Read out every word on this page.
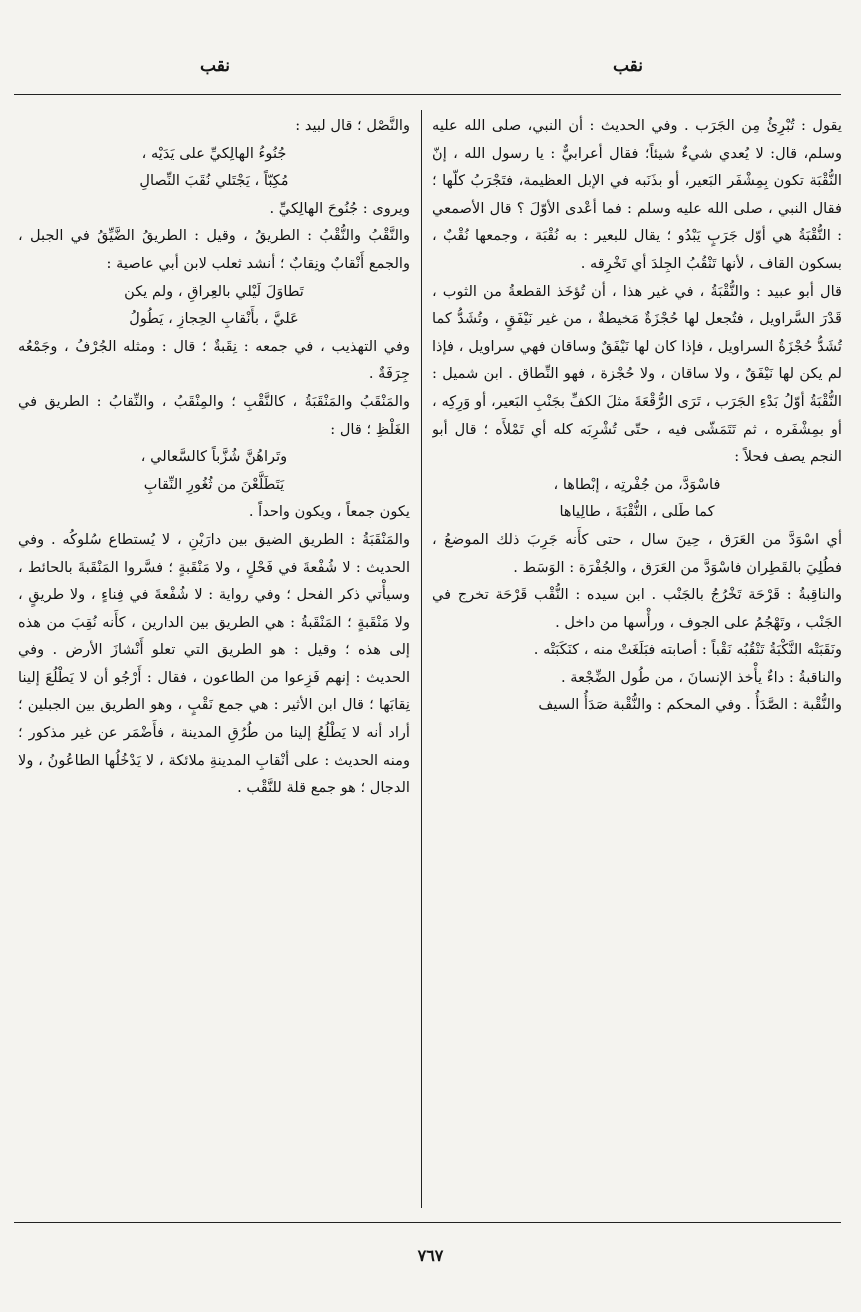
نقب
نقب

يقول : تُبْرِئُ مِن الجَرَب . وفي الحديث : أن النبي، صلى الله عليه وسلم، قال: لا يُعدي شيءٌ شيئاً؛ فقال أعرابيٌّ : يا رسول الله ، إنّ النُّقْبَة تكون بِمِشْفَر البَعير، أو بذَنَبه في الإبل العظيمة، فتَجْرَبُ كلّها ؛ فقال النبي ، صلى الله عليه وسلم : فما أعْدى الأوّلَ ؟ قال الأصمعي : النُّقْبَةُ هي أوّل جَرَبٍ يَبْدُو ؛ يقال للبعير : به نُقْبَة ، وجمعها نُقْبٌ ، بسكون القاف ، لأنها تَنْقُبُ الجِلدَ أي تَخْرِقه .

قال أبو عبيد : والنُّقْبَةُ ، في غير هذا ، أن تُؤخَذ القطعةُ من الثوب ، قَدْرَ السَّراويل ، فتُجعل لها حُجْزَةٌ مَخيطةٌ ، من غير نَيْفَقٍ ، وتُشَدُّ كما تُشَدُّ حُجْزَةُ السراويل ، فإذا كان لها نَيْفَقٌ وساقان فهي سراويل ، فإذا لم يكن لها نَيْفَقٌ ، ولا ساقان ، ولا حُجْزة ، فهو النِّطاق . ابن شميل : النُّقْبَةُ أوّلُ بَدْءِ الجَرَب ، تَرَى الرُّقْعَةَ مثلَ الكفِّ بجَنْبِ البَعير، أو وَرِكِه ، أو بمِشْفَره ، ثم تَتَمَشّى فيه ، حتّى تُشْرِبَه كله أي تَمْلأَه ؛ قال أبو النجم يصف فحلاً :

فاسْوَدَّ، من جُفْرتِه ، إبْطاها ،

كما طَلى ، النُّقْبَةَ ، طالِياها

أي اسْوَدَّ من العَرَق ، حِينَ سال ، حتى كأَنه جَرِبَ ذلك الموضعُ ، فطُلِيَ بالقَطِران فاسْوَدَّ من العَرَق ، والجُفْرَة : الوَسَط .

والناقِبةُ : قَرْحَة تَخْرُجُ بالجَنْب . ابن سيده : النُّقْب قَرْحَة تخرج في الجَنْب ، وتَهْجُمُ على الجوف ، ورأْسها من داخل .

ونَقَبَتْه النَّكْبَةُ تَنْقُبُه نَقْباً : أصابته فبَلَغَتْ منه ، كنَكَبَتْه .

والناقبةُ : داءٌ يأْخذ الإنسانَ ، من طُول الضِّجْعة .

والنُّقْبة : الصَّدَأُ . وفي المحكم : والنُّقْبة صَدَأُ السيف

والنَّصْل ؛ قال لبيد :

جُنُوءُ الهالِكيِّ على يَدَيْه ،

مُكِبّاً ، يَجْتَلي نُقَبَ النِّصالِ

ويروى : جُنُوحَ الهالِكيِّ .

والنَّقْبُ والنُّقْبُ : الطريقُ ، وقيل : الطريقُ الضَّيِّقُ في الجبل ، والجمع أَنْقابٌ ونِقابٌ ؛ أنشد ثعلب لابن أبي عاصية :

تَطاوَلَ لَيْلي بالعِراقِ ، ولم يكن

عَليَّ ، بأَنْقابِ الحِجازِ ، يَطُولُ

وفي التهذيب ، في جمعه : نِقَبةٌ ؛ قال : ومثله الجُرْفُ ، وجَمْعُه جِرَفَةٌ .

والمَنْقَبُ والمَنْقَبَةُ ، كالنَّقْبِ ؛ والمِنْقَبُ ، والنِّقابُ : الطريق في الغَلْظِ ؛ قال :

وتَراهُنَّ شُزَّباً كالسَّعالي ،

يَتَطَلَّعْنَ من ثُغُورِ النِّقابِ

يكون جمعاً ، ويكون واحداً .

والمَنْقَبَةُ : الطريق الضيق بين دارَيْنِ ، لا يُستطاع سُلوكُه . وفي الحديث : لا شُفْعةَ في فَحْلٍ ، ولا مَنْقَبةٍ ؛ فسَّروا المَنْقَبةَ بالحائط ، وسيأْتي ذكر الفحل ؛ وفي رواية : لا شُفْعةَ في فِناءٍ ، ولا طريقٍ ، ولا مَنْقَبةٍ ؛ المَنْقَبةُ : هي الطريق بين الدارين ، كأَنه نُقِبَ من هذه إلى هذه ؛ وقيل : هو الطريق التي تعلو أَنْشازَ الأرض . وفي الحديث : إنهم فَزِعوا من الطاعون ، فقال : أَرْجُو أن لا يَطْلُعَ إلينا نِقابَها ؛ قال ابن الأثير : هي جمع نَقْبٍ ، وهو الطريق بين الجبلين ؛ أراد أنه لا يَطْلُعُ إلينا من طُرُقِ المدينة ، فأَضْمَر عن غير مذكور ؛ ومنه الحديث : على أنْقابِ المدينةِ ملائكة ، لا يَدْخُلُها الطاعُونُ ، ولا الدجال ؛ هو جمع قلة للنَّقْب .

٧٦٧
